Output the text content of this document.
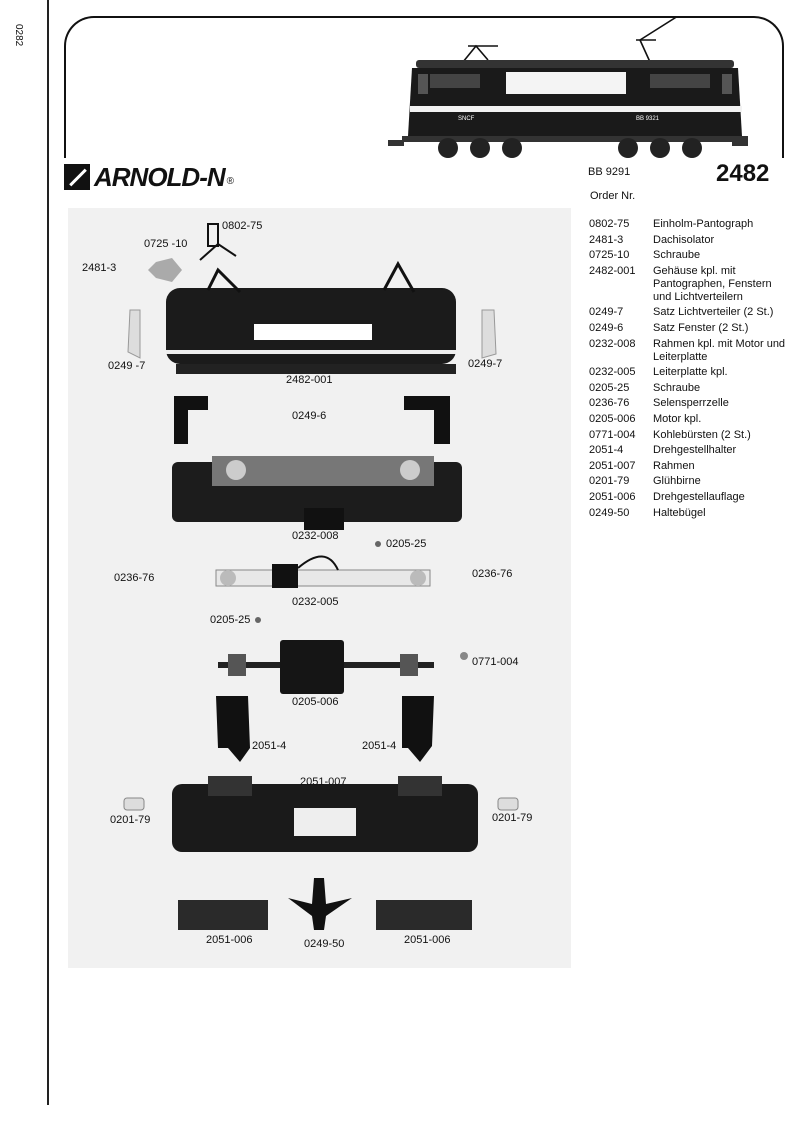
0282
SNCF	BB 9321
ARNOLD-N ®
BB 9291	2482
Order Nr.
0802-75	Einholm-Pantograph
2481-3	Dachisolator
0725-10	Schraube
2482-001	Gehäuse kpl. mit Pantographen, Fenstern und Lichtverteilern
0249-7	Satz Lichtverteiler (2 St.)
0249-6	Satz Fenster (2 St.)
0232-008	Rahmen kpl. mit Motor und Leiterplatte
0232-005	Leiterplatte kpl.
0205-25	Schraube
0236-76	Selensperrzelle
0205-006	Motor kpl.
0771-004	Kohlebürsten (2 St.)
2051-4	Drehgestellhalter
2051-007	Rahmen
0201-79	Glühbirne
2051-006	Drehgestellauflage
0249-50	Haltebügel
0802-75
0725 -10
2481-3
0249 -7	0249-7
2482-001
0249-6
0232-008
0205-25
0236-76	0236-76
0232-005
0205-25
0771-004
0205-006
2051-4	2051-4
2051-007
0201-79	0201-79
2051-006	0249-50	2051-006
